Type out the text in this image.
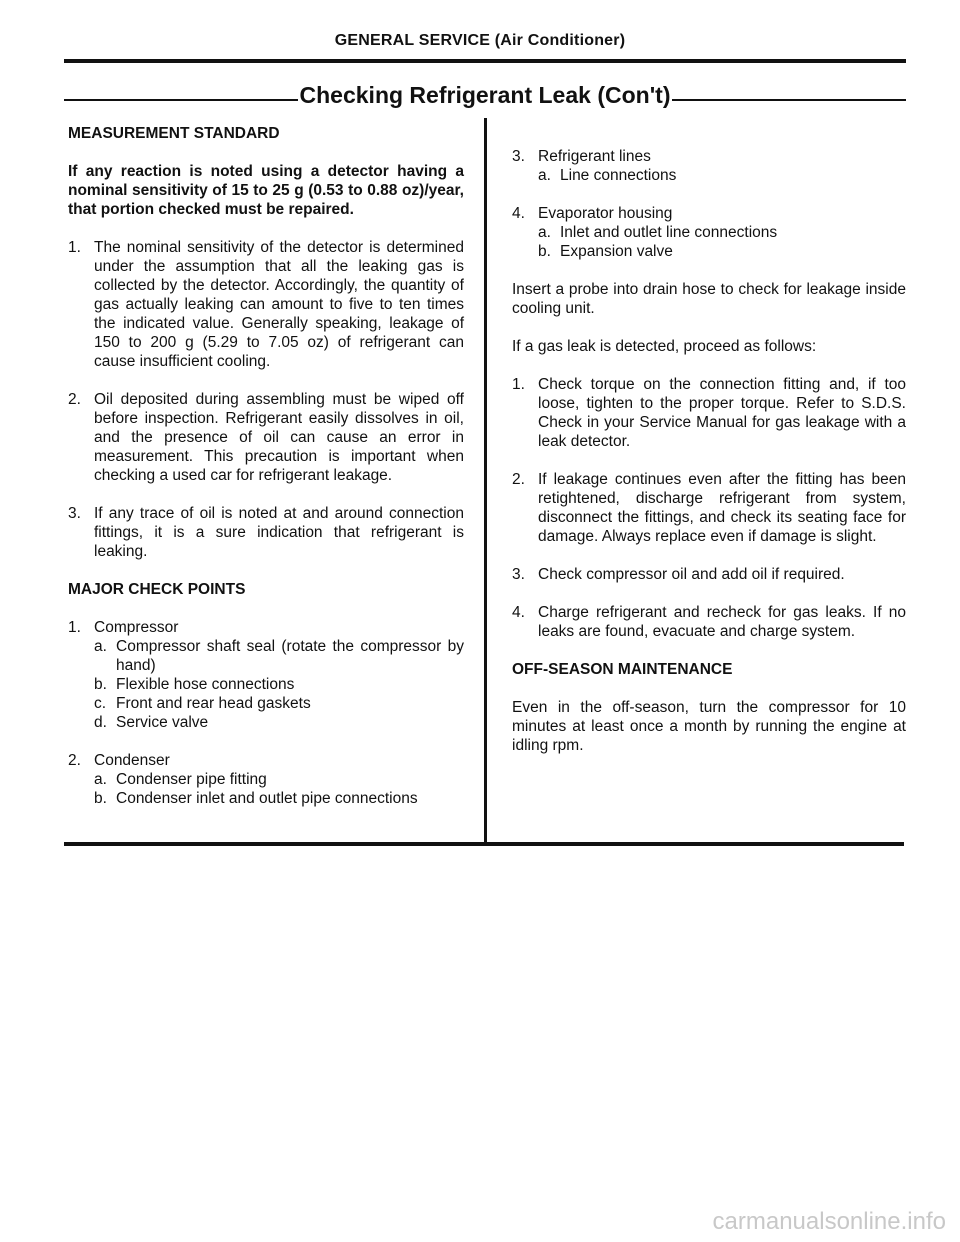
GENERAL SERVICE (Air Conditioner)
Checking Refrigerant Leak (Con't)

MEASUREMENT STANDARD

If any reaction is noted using a detector having a nominal sensitivity of 15 to 25 g (0.53 to 0.88 oz)/year, that portion checked must be repaired.

1. The nominal sensitivity of the detector is determined under the assumption that all the leaking gas is collected by the detector. Accordingly, the quantity of gas actually leaking can amount to five to ten times the indicated value. Generally speaking, leakage of 150 to 200 g (5.29 to 7.05 oz) of refrigerant can cause insufficient cooling.
2. Oil deposited during assembling must be wiped off before inspection. Refrigerant easily dissolves in oil, and the presence of oil can cause an error in measurement. This precaution is important when checking a used car for refrigerant leakage.
3. If any trace of oil is noted at and around connection fittings, it is a sure indication that refrigerant is leaking.

MAJOR CHECK POINTS

1. Compressor
a. Compressor shaft seal (rotate the compressor by hand)
b. Flexible hose connections
c. Front and rear head gaskets
d. Service valve
2. Condenser
a. Condenser pipe fitting
b. Condenser inlet and outlet pipe connections
3. Refrigerant lines
a. Line connections
4. Evaporator housing
a. Inlet and outlet line connections
b. Expansion valve

Insert a probe into drain hose to check for leakage inside cooling unit.

If a gas leak is detected, proceed as follows:

1. Check torque on the connection fitting and, if too loose, tighten to the proper torque. Refer to S.D.S. Check in your Service Manual for gas leakage with a leak detector.
2. If leakage continues even after the fitting has been retightened, discharge refrigerant from system, disconnect the fittings, and check its seating face for damage. Always replace even if damage is slight.
3. Check compressor oil and add oil if required.
4. Charge refrigerant and recheck for gas leaks. If no leaks are found, evacuate and charge system.

OFF-SEASON MAINTENANCE

Even in the off-season, turn the compressor for 10 minutes at least once a month by running the engine at idling rpm.

carmanualsonline.info
